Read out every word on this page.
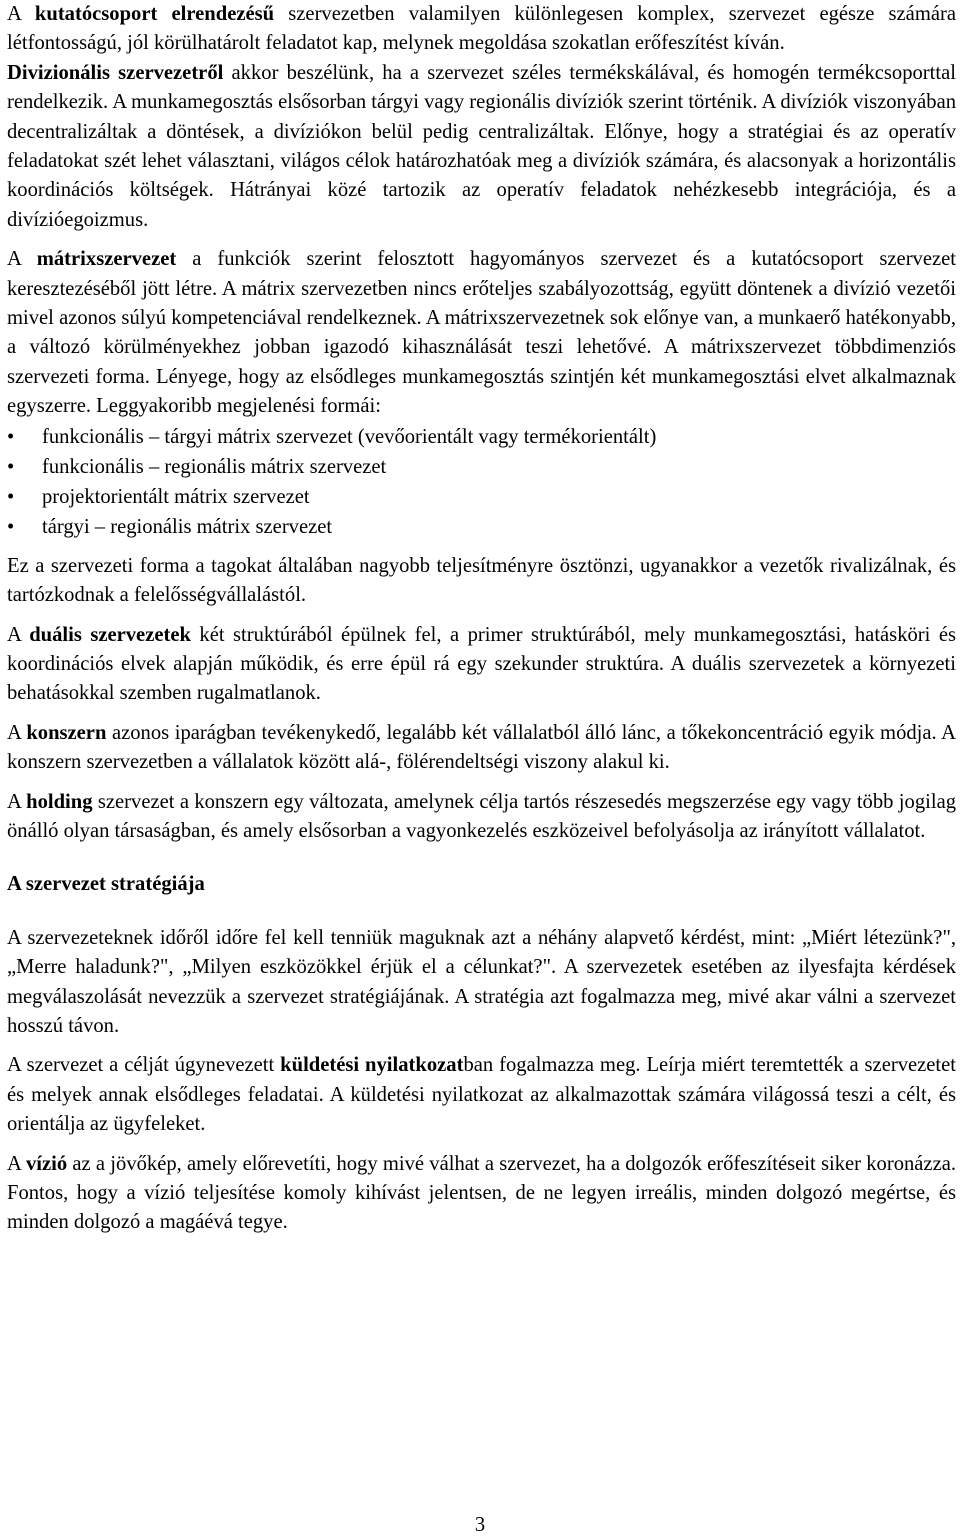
A kutatócsoport elrendezésű szervezetben valamilyen különlegesen komplex, szervezet egésze számára létfontosságú, jól körülhatárolt feladatot kap, melynek megoldása szokatlan erőfeszítést kíván.

Divizionális szervezetről akkor beszélünk, ha a szervezet széles termékskálával, és homogén termékcsoporttal rendelkezik. A munkamegosztás elsősorban tárgyi vagy regionális divíziók szerint történik. A divíziók viszonyában decentralizáltak a döntések, a divíziókon belül pedig centralizáltak. Előnye, hogy a stratégiai és az operatív feladatokat szét lehet választani, világos célok határozhatóak meg a divíziók számára, és alacsonyak a horizontális koordinációs költségek. Hátrányai közé tartozik az operatív feladatok nehézkesebb integrációja, és a divízióegoizmus.

A mátrixszervezet a funkciók szerint felosztott hagyományos szervezet és a kutatócsoport szervezet keresztezéséből jött létre. A mátrix szervezetben nincs erőteljes szabályozottság, együtt döntenek a divízió vezetői mivel azonos súlyú kompetenciával rendelkeznek. A mátrixszervezetnek sok előnye van, a munkaerő hatékonyabb, a változó körülményekhez jobban igazodó kihasználását teszi lehetővé. A mátrixszervezet többdimenziós szervezeti forma. Lényege, hogy az elsődleges munkamegosztás szintjén két munkamegosztási elvet alkalmaznak egyszerre. Leggyakoribb megjelenési formái:

• funkcionális – tárgyi mátrix szervezet (vevőorientált vagy termékorientált)
• funkcionális – regionális mátrix szervezet
• projektorientált mátrix szervezet
• tárgyi – regionális mátrix szervezet

Ez a szervezeti forma a tagokat általában nagyobb teljesítményre ösztönzi, ugyanakkor a vezetők rivalizálnak, és tartózkodnak a felelősségvállalástól.

A duális szervezetek két struktúrából épülnek fel, a primer struktúrából, mely munkamegosztási, hatásköri és koordinációs elvek alapján működik, és erre épül rá egy szekunder struktúra. A duális szervezetek a környezeti behatásokkal szemben rugalmatlanok.

A konszern azonos iparágban tevékenykedő, legalább két vállalatból álló lánc, a tőkekoncentráció egyik módja. A konszern szervezetben a vállalatok között alá-, fölérendeltségi viszony alakul ki.

A holding szervezet a konszern egy változata, amelynek célja tartós részesedés megszerzése egy vagy több jogilag önálló olyan társaságban, és amely elsősorban a vagyonkezelés eszközeivel befolyásolja az irányított vállalatot.

A szervezet stratégiája

A szervezeteknek időről időre fel kell tenniük maguknak azt a néhány alapvető kérdést, mint: „Miért létezünk?", „Merre haladunk?", „Milyen eszközökkel érjük el a célunkat?". A szervezetek esetében az ilyesfajta kérdések megválaszolását nevezzük a szervezet stratégiájának. A stratégia azt fogalmazza meg, mivé akar válni a szervezet hosszú távon.

A szervezet a célját úgynevezett küldetési nyilatkozatban fogalmazza meg. Leírja miért teremtették a szervezetet és melyek annak elsődleges feladatai. A küldetési nyilatkozat az alkalmazottak számára világossá teszi a célt, és orientálja az ügyfeleket.

A vízió az a jövőkép, amely előrevetíti, hogy mivé válhat a szervezet, ha a dolgozók erőfeszítéseit siker koronázza. Fontos, hogy a vízió teljesítése komoly kihívást jelentsen, de ne legyen irreális, minden dolgozó megértse, és minden dolgozó a magáévá tegye.

3
